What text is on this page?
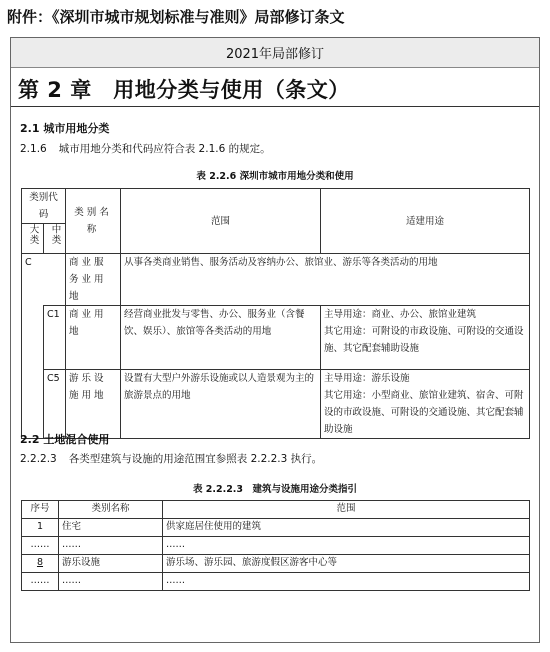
附件：《深圳市城市规划标准与准则》局部修订条文
2021年局部修订
第 2 章　用地分类与使用（条文）
2.1 城市用地分类
2.1.6 城市用地分类和代码应符合表 2.1.6 的规定。
表 2.2.6 深圳市城市用地分类和使用
类别代码		类别名称	范围	适建用途

大类	中类			

C		商业服务业用地	从事各类商业销售、服务活动及容纳办公、旅馆业、游乐等各类活动的用地	
	C1	商业用地	经营商业批发与零售、办公、服务业（含餐饮、娱乐）、旅馆等各类活动的用地	主导用途：商业、办公、旅馆业建筑
其它用途：可附设的市政设施、可附设的交通设施、其它配套辅助设施

	C5	游乐设施用地	设置有大型户外游乐设施或以人造景观为主的旅游景点的用地	主导用途：游乐设施
其它用途：小型商业、旅馆业建筑、宿舍、可附设的市政设施、可附设的交通设施、其它配套辅助设施
2.2 土地混合使用
2.2.2.3 各类型建筑与设施的用途范围宜参照表 2.2.2.3 执行。
表 2.2.2.3　建筑与设施用途分类指引
序号	类别名称	范围
1	住宅	供家庭居住使用的建筑
……	……	……
8	游乐设施	游乐场、游乐园、旅游度假区游客中心等
……	……	……
